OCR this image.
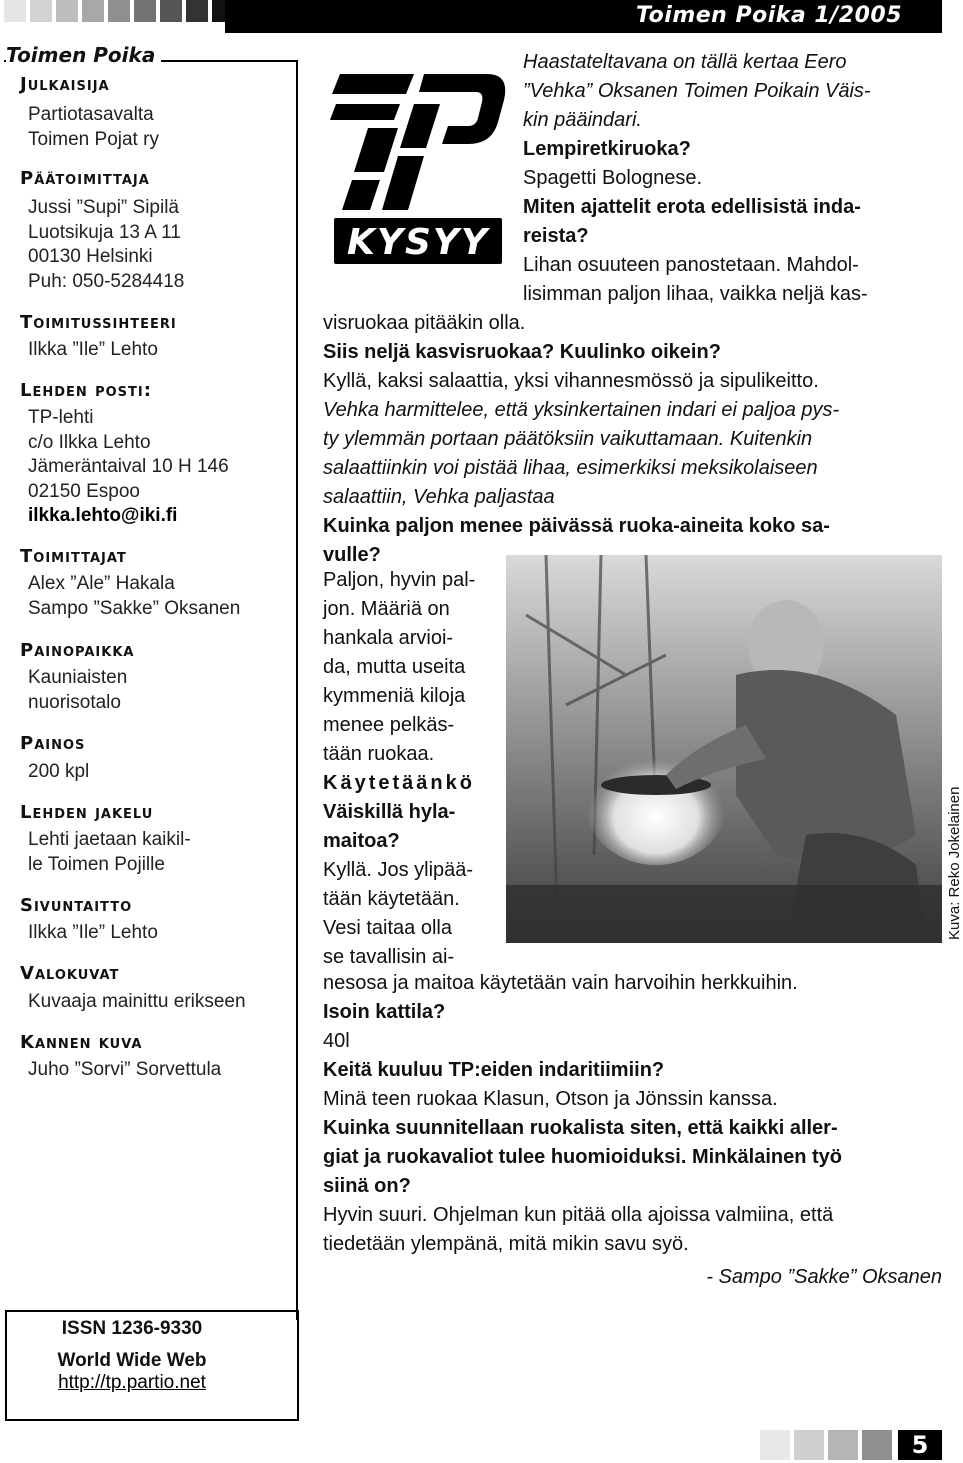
Toimen Poika 1/2005
Toimen Poika
Julkaisija
Partiotasavalta
Toimen Pojat ry
Päätoimittaja
Jussi ”Supi” Sipilä
Luotsikuja 13 A 11
00130 Helsinki
Puh: 050-5284418
Toimitussihteeri
Ilkka ”Ile” Lehto
Lehden posti:
TP-lehti
c/o Ilkka Lehto
Jämeräntaival 10 H 146
02150 Espoo
ilkka.lehto@iki.fi
Toimittajat
Alex ”Ale” Hakala
Sampo ”Sakke” Oksanen
Painopaikka
Kauniaisten
nuorisotalo
Painos
200 kpl
Lehden jakelu
Lehti jaetaan kaikil-
le Toimen Pojille
Sivuntaitto
Ilkka ”Ile” Lehto
Valokuvat
Kuvaaja mainittu erikseen
Kannen kuva
Juho ”Sorvi” Sorvettula
ISSN 1236-9330
World Wide Web
http://tp.partio.net
KYSYY

Haastateltavana on tällä kertaa Eero

”Vehka” Oksanen Toimen Poikain Väis-

kin pääindari.

Lempiretkiruoka?

Spagetti Bolognese.

Miten ajattelit erota edellisistä inda-

reista?

Lihan osuuteen panostetaan. Mahdol-

lisimman paljon lihaa, vaikka neljä kas-

visruokaa pitääkin olla.

Siis neljä kasvisruokaa? Kuulinko oikein?

Kyllä, kaksi salaattia, yksi vihannesmössö ja sipulikeitto.

Vehka harmittelee, että yksinkertainen indari ei paljoa pys-

ty ylemmän portaan päätöksiin vaikuttamaan. Kuitenkin

salaattiinkin voi pistää lihaa, esimerkiksi meksikolaiseen

salaattiin, Vehka paljastaa

Kuinka paljon menee päivässä ruoka-aineita koko sa-

vulle?

Paljon, hyvin pal-

jon. Määriä on

hankala arvioi-

da, mutta useita

kymmeniä kiloja

menee pelkäs-

tään ruokaa.

Käytetäänkö

Väiskillä hyla-

maitoa?

Kyllä. Jos ylipää-

tään käytetään.

Vesi taitaa olla

se tavallisin ai-

Kuva: Reko Jokelainen

nesosa ja maitoa käytetään vain harvoihin herkkuihin.

Isoin kattila?

40l

Keitä kuuluu TP:eiden indaritiimiin?

Minä teen ruokaa Klasun, Otson ja Jönssin kanssa.

Kuinka suunnitellaan ruokalista siten, että kaikki aller-

giat ja ruokavaliot tulee huomioiduksi. Minkälainen työ

siinä on?

Hyvin suuri. Ohjelman kun pitää olla ajoissa valmiina, että

tiedetään ylempänä, mitä mikin savu syö.

- Sampo ”Sakke” Oksanen
5
